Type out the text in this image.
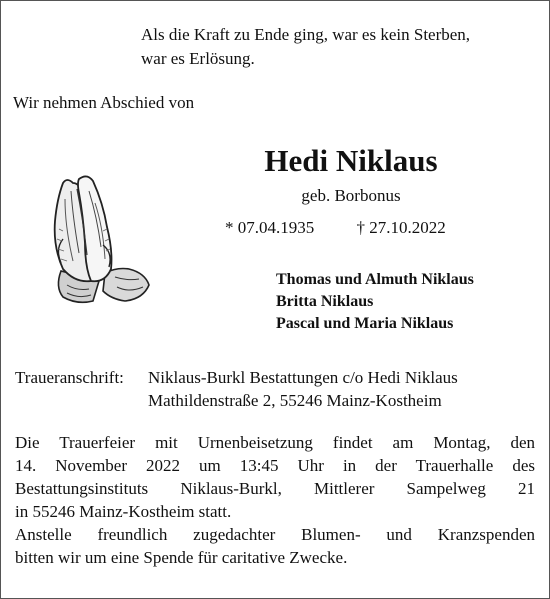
Als die Kraft zu Ende ging, war es kein Sterben,
war es Erlösung.
Wir nehmen Abschied von
Hedi Niklaus
geb. Borbonus
* 07.04.1935 † 27.10.2022
Thomas und Almuth Niklaus
Britta Niklaus
Pascal und Maria Niklaus
Traueranschrift: Niklaus-Burkl Bestattungen c/o Hedi Niklaus
Mathildenstraße 2, 55246 Mainz-Kostheim
Die Trauerfeier mit Urnenbeisetzung findet am Montag, den
14. November 2022 um 13:45 Uhr in der Trauerhalle des
Bestattungsinstituts Niklaus-Burkl, Mittlerer Sampelweg 21
in 55246 Mainz-Kostheim statt.
Anstelle freundlich zugedachter Blumen- und Kranzspenden
bitten wir um eine Spende für caritative Zwecke.
